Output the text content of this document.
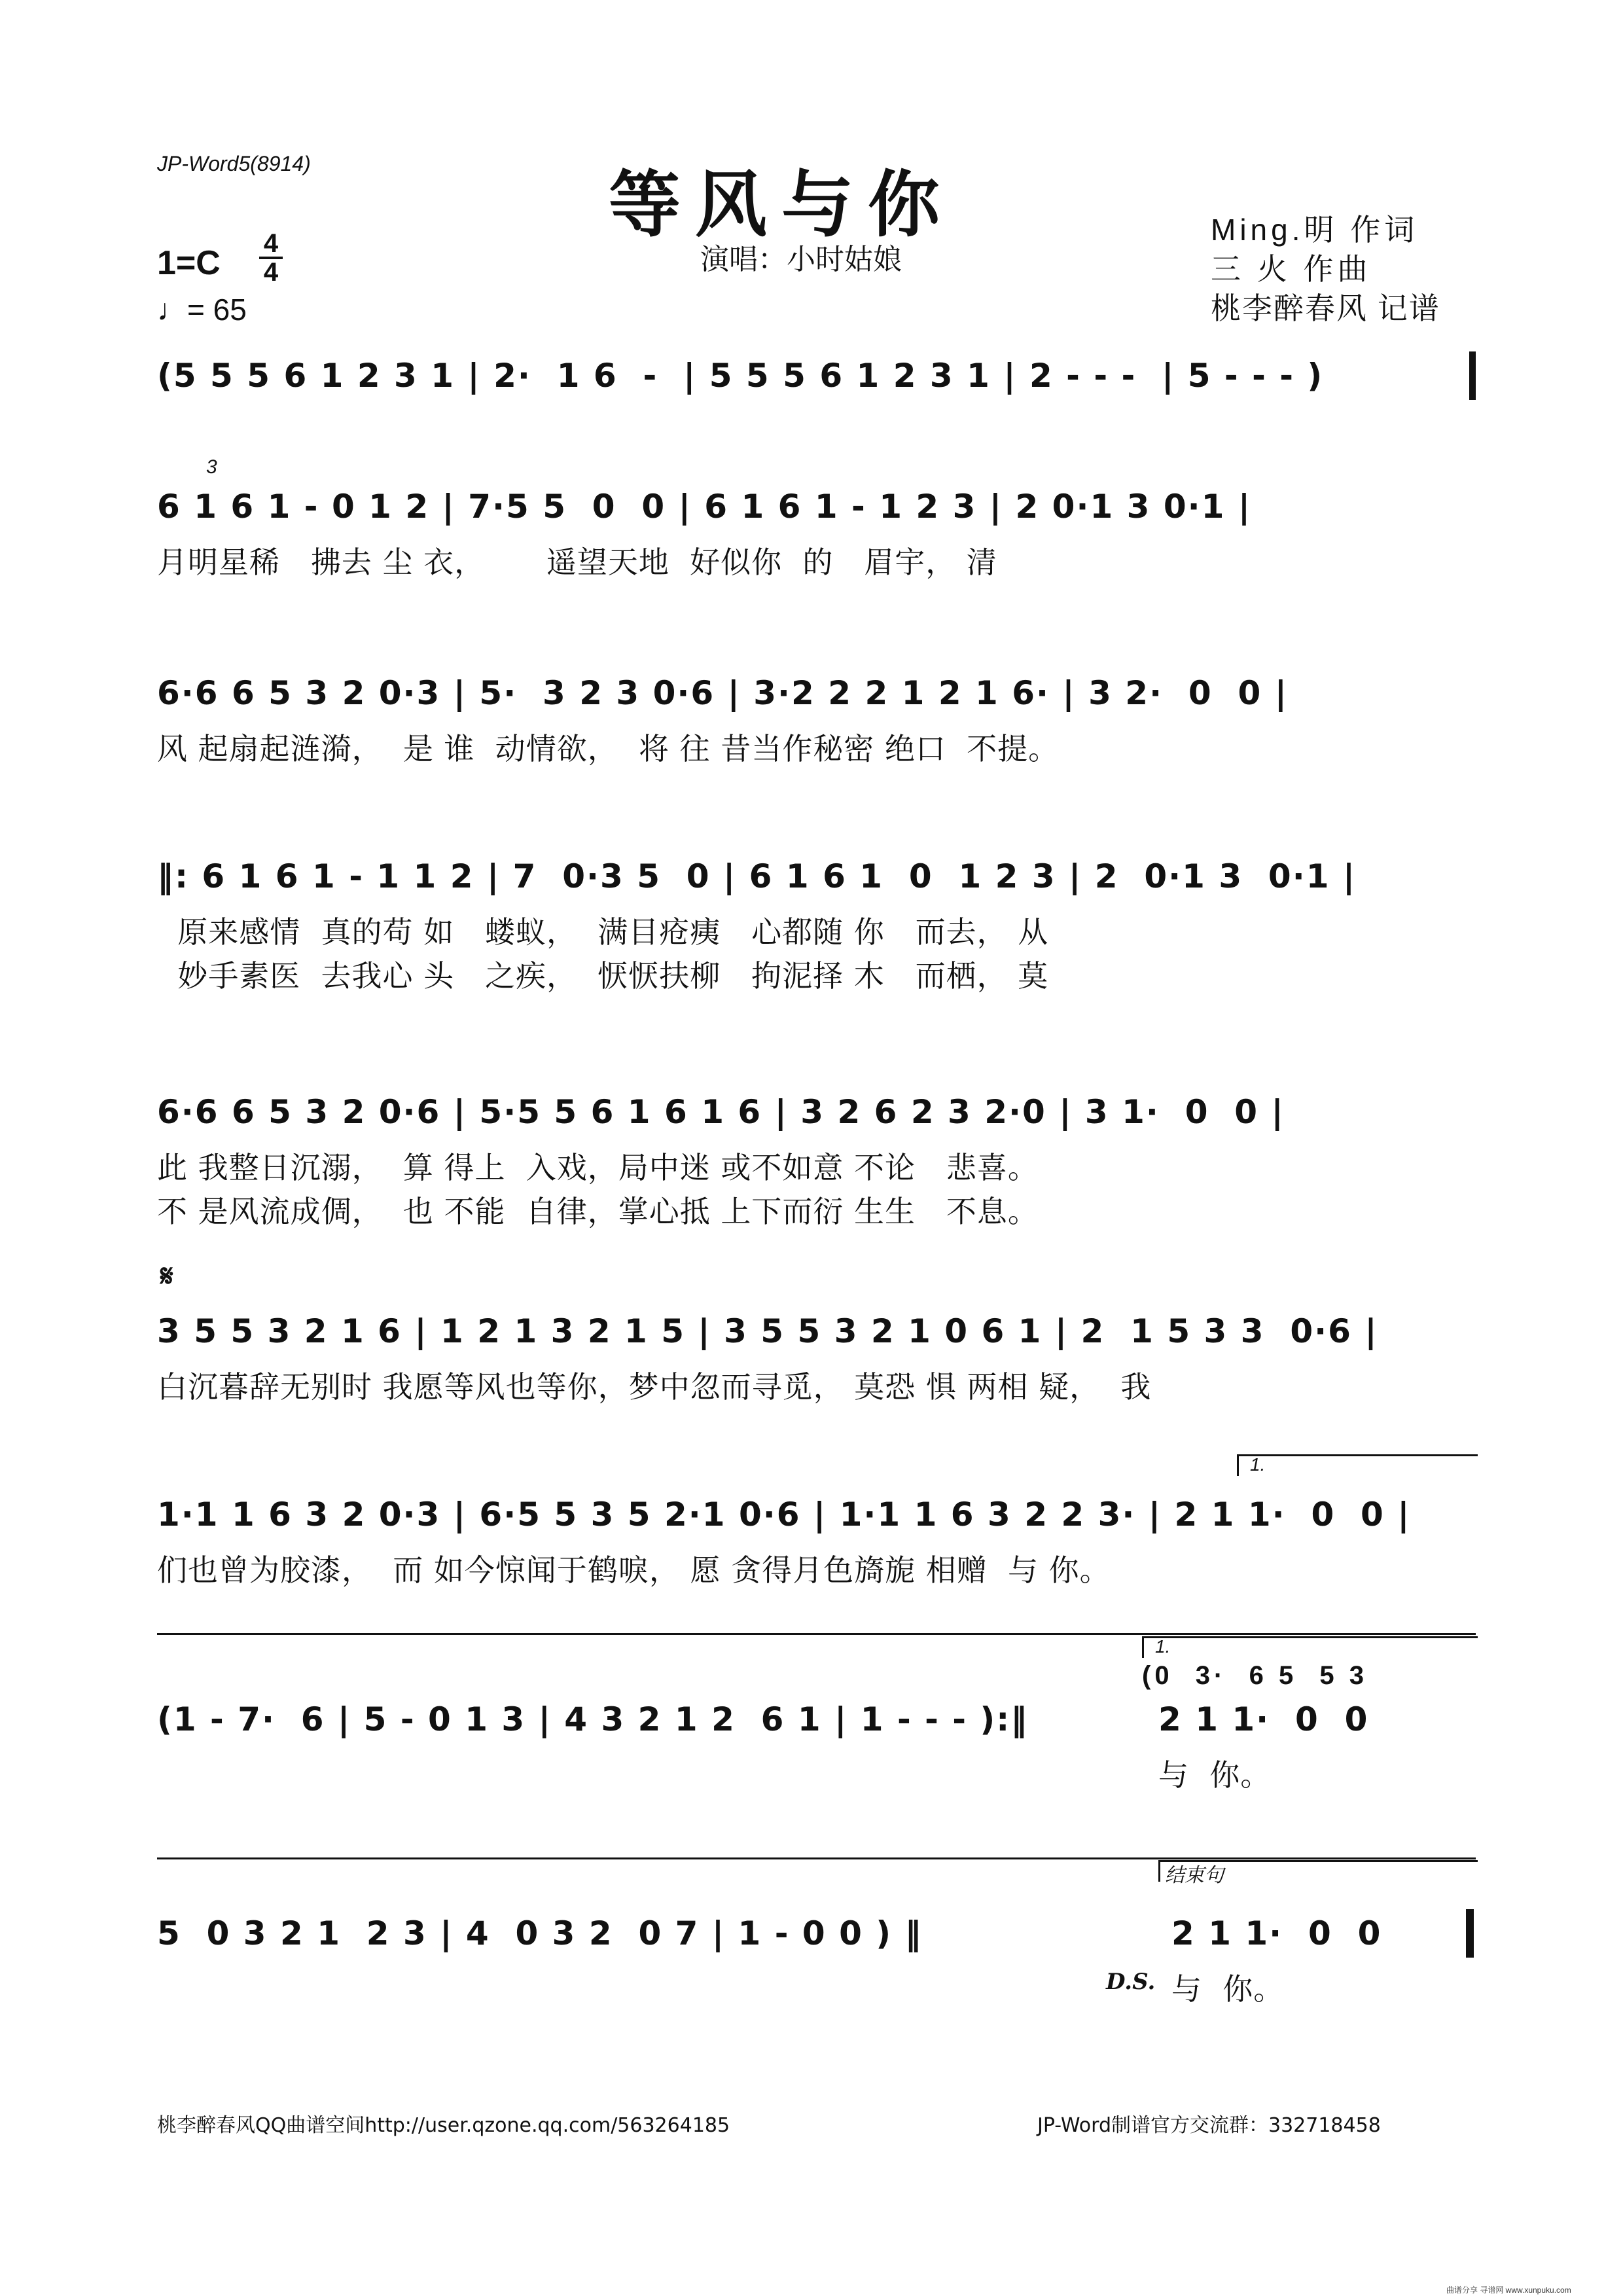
JP-Word5(8914)	等风与你
演唱：小时姑娘
1=C
4
4
♩= 65
Ming.明 作词
三 火 作曲
桃李醉春风 记谱
(5 5 5 6 1 2 3 1 | 2·  1 6  -  | 5 5 5 6 1 2 3 1 | 2 - - -  | 5 - - - )
3
6 1 6 1 - 0 1 2 | 7·5 5  0  0 | 6 1 6 1 - 1 2 3 | 2 0·1 3 0·1 |
月明星稀   拂去 尘 衣，      遥望天地  好似你  的   眉宇， 清
6·6 6 5 3 2 0·3 | 5·  3 2 3 0·6 | 3·2 2 2 1 2 1 6· | 3 2·  0  0 |
风 起扇起涟漪，  是 谁  动情欲，  将 往 昔当作秘密 绝口  不提。
‖: 6 1 6 1 - 1 1 2 | 7  0·3 5  0 | 6 1 6 1  0  1 2 3 | 2  0·1 3  0·1 |
原来感情  真的苟 如   蝼蚁，  满目疮痍   心都随 你   而去， 从
妙手素医  去我心 头   之疾，  恹恹扶柳   拘泥择 木   而栖， 莫
6·6 6 5 3 2 0·6 | 5·5 5 6 1 6 1 6 | 3 2 6 2 3 2·0 | 3 1·  0  0 |
此 我整日沉溺，  算 得上  入戏，局中迷 或不如意 不论   悲喜。
不 是风流成倜，  也 不能  自律，掌心抵 上下而衍 生生   不息。
𝄋
3 5 5 3 2 1 6 | 1 2 1 3 2 1 5 | 3 5 5 3 2 1 0 6 1 | 2  1 5 3 3  0·6 |
白沉暮辞无别时 我愿等风也等你，梦中忽而寻觅， 莫恐 惧 两相 疑，  我
1.
1·1 1 6 3 2 0·3 | 6·5 5 3 5 2·1 0·6 | 1·1 1 6 3 2 2 3· | 2 1 1·  0  0 |
们也曾为胶漆，  而 如今惊闻于鹤唳， 愿 贪得月色旖旎 相赠  与 你。
1.
(0  3·  6 5  5 3
(1 - 7·  6 | 5 - 0 1 3 | 4 3 2 1 2  6 1 | 1 - - - ):‖	2 1 1·  0  0
与  你。
结束句
5  0 3 2 1  2 3 | 4  0 3 2  0 7 | 1 - 0 0 ) ‖	2 1 1·  0  0
与  你。
D.S.
桃李醉春风QQ曲谱空间http://user.qzone.qq.com/563264185	JP-Word制谱官方交流群：332718458
曲谱分享 寻谱网 www.xunpuku.com
